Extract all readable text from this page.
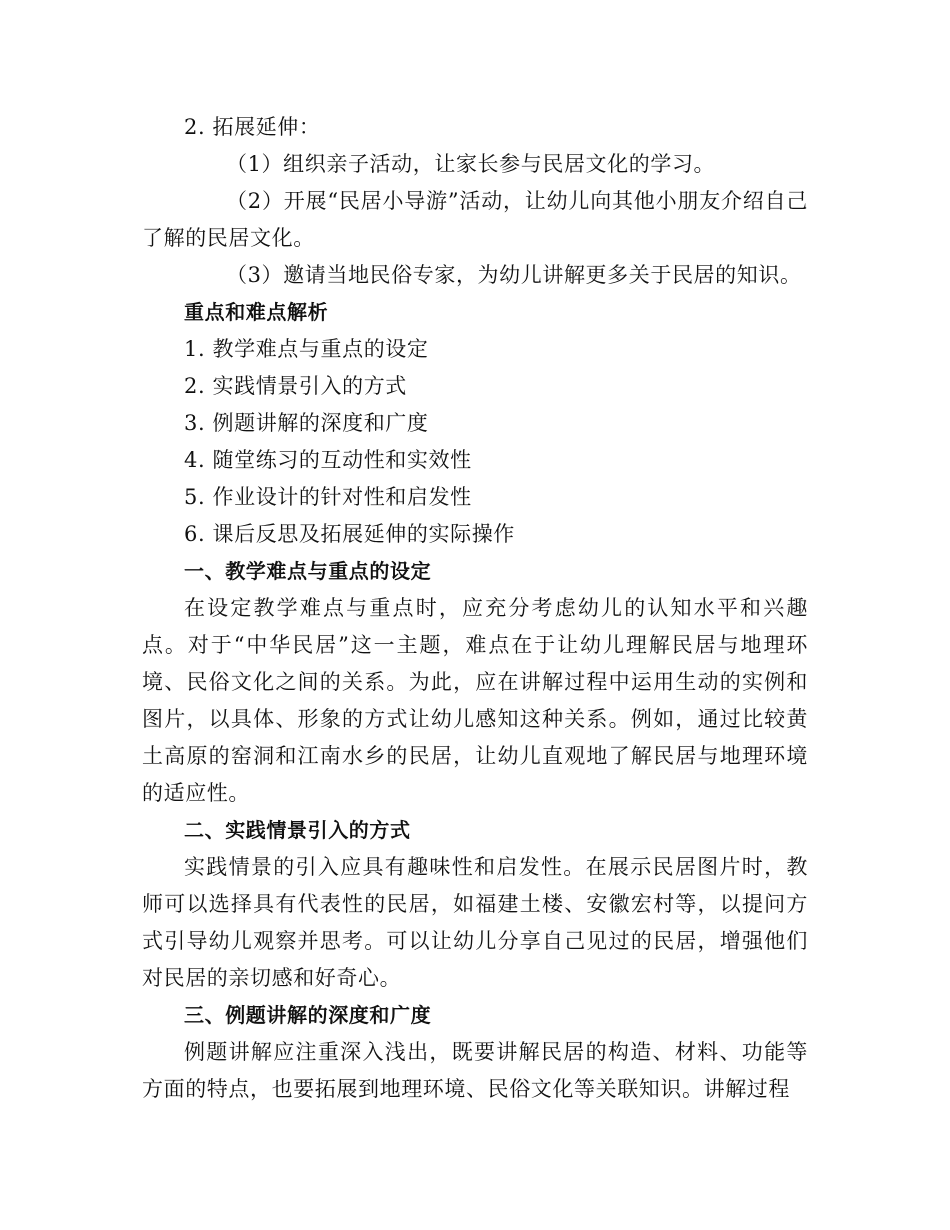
2. 拓展延伸：

（1）组织亲子活动，让家长参与民居文化的学习。

（2）开展“民居小导游”活动，让幼儿向其他小朋友介绍自己了解的民居文化。

（3）邀请当地民俗专家，为幼儿讲解更多关于民居的知识。

重点和难点解析

1. 教学难点与重点的设定

2. 实践情景引入的方式

3. 例题讲解的深度和广度

4. 随堂练习的互动性和实效性

5. 作业设计的针对性和启发性

6. 课后反思及拓展延伸的实际操作

一、教学难点与重点的设定

在设定教学难点与重点时，应充分考虑幼儿的认知水平和兴趣点。对于“中华民居”这一主题，难点在于让幼儿理解民居与地理环境、民俗文化之间的关系。为此，应在讲解过程中运用生动的实例和图片，以具体、形象的方式让幼儿感知这种关系。例如，通过比较黄土高原的窑洞和江南水乡的民居，让幼儿直观地了解民居与地理环境的适应性。

二、实践情景引入的方式

实践情景的引入应具有趣味性和启发性。在展示民居图片时，教师可以选择具有代表性的民居，如福建土楼、安徽宏村等，以提问方式引导幼儿观察并思考。可以让幼儿分享自己见过的民居，增强他们对民居的亲切感和好奇心。

三、例题讲解的深度和广度

例题讲解应注重深入浅出，既要讲解民居的构造、材料、功能等方面的特点，也要拓展到地理环境、民俗文化等关联知识。讲解过程
